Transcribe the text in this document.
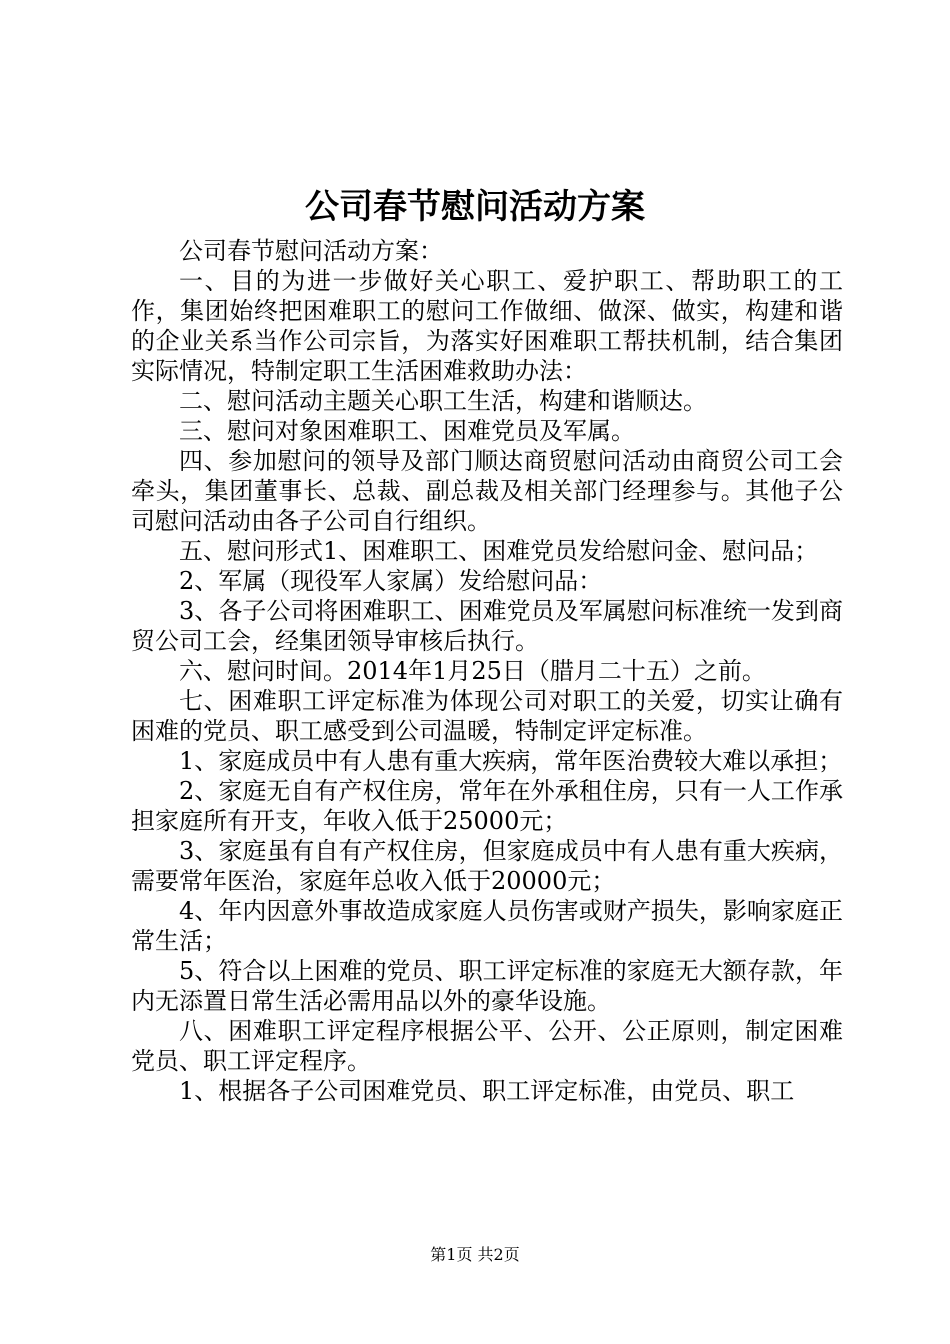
公司春节慰问活动方案

公司春节慰问活动方案：

一、目的为进一步做好关心职工、爱护职工、帮助职工的工作，集团始终把困难职工的慰问工作做细、做深、做实，构建和谐的企业关系当作公司宗旨，为落实好困难职工帮扶机制，结合集团实际情况，特制定职工生活困难救助办法：

二、慰问活动主题关心职工生活，构建和谐顺达。

三、慰问对象困难职工、困难党员及军属。

四、参加慰问的领导及部门顺达商贸慰问活动由商贸公司工会牵头，集团董事长、总裁、副总裁及相关部门经理参与。其他子公司慰问活动由各子公司自行组织。

五、慰问形式1、困难职工、困难党员发给慰问金、慰问品；

2、军属（现役军人家属）发给慰问品：

3、各子公司将困难职工、困难党员及军属慰问标准统一发到商贸公司工会，经集团领导审核后执行。

六、慰问时间。2014年1月25日（腊月二十五）之前。

七、困难职工评定标准为体现公司对职工的关爱，切实让确有困难的党员、职工感受到公司温暖，特制定评定标准。

1、家庭成员中有人患有重大疾病，常年医治费较大难以承担；

2、家庭无自有产权住房，常年在外承租住房，只有一人工作承担家庭所有开支，年收入低于25000元；

3、家庭虽有自有产权住房，但家庭成员中有人患有重大疾病，需要常年医治，家庭年总收入低于20000元；

4、年内因意外事故造成家庭人员伤害或财产损失，影响家庭正常生活；

5、符合以上困难的党员、职工评定标准的家庭无大额存款，年内无添置日常生活必需用品以外的豪华设施。

八、困难职工评定程序根据公平、公开、公正原则，制定困难党员、职工评定程序。

1、根据各子公司困难党员、职工评定标准，由党员、职工

第1页 共2页
